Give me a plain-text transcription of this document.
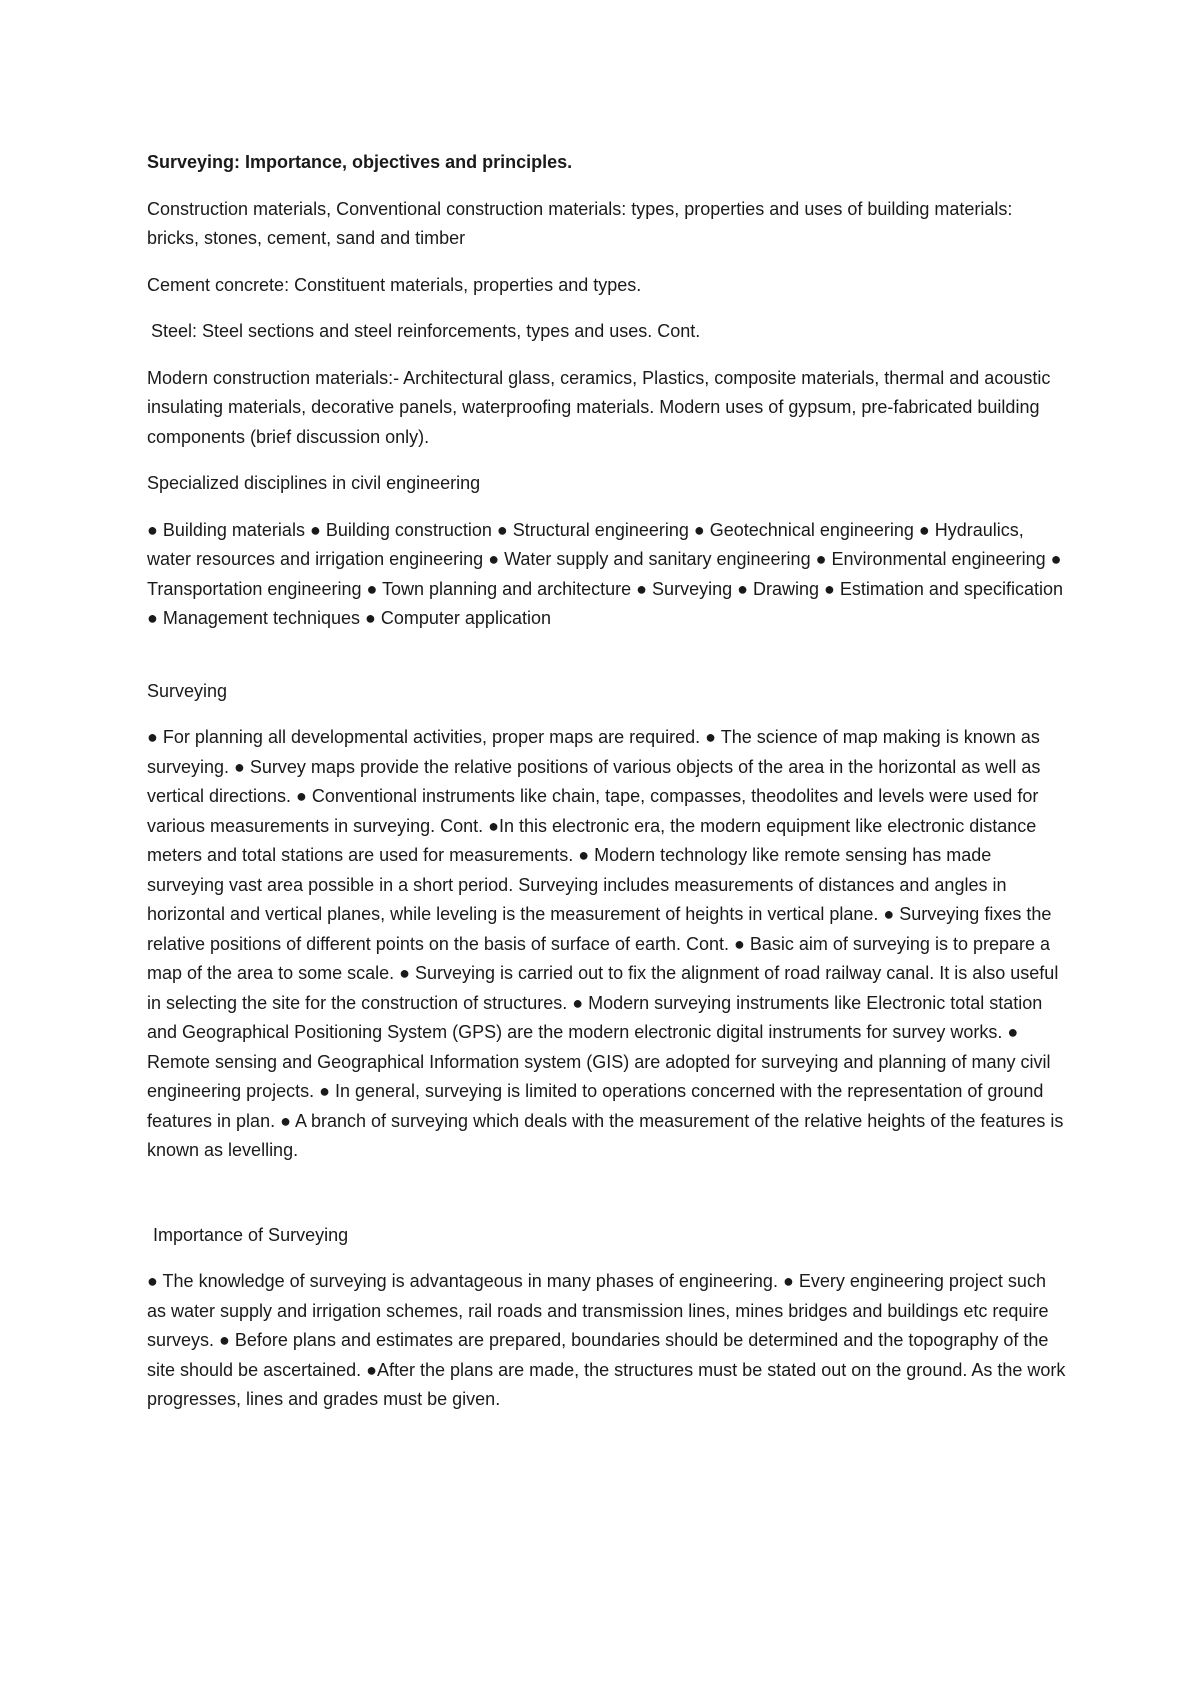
Surveying: Importance, objectives and principles.

Construction materials, Conventional construction materials: types, properties and uses of building materials: bricks, stones, cement, sand and timber

Cement concrete: Constituent materials, properties and types.

Steel: Steel sections and steel reinforcements, types and uses. Cont.

Modern construction materials:- Architectural glass, ceramics, Plastics, composite materials, thermal and acoustic insulating materials, decorative panels, waterproofing materials. Modern uses of gypsum, pre-fabricated building components (brief discussion only).

Specialized disciplines in civil engineering

● Building materials ● Building construction ● Structural engineering ● Geotechnical engineering ● Hydraulics, water resources and irrigation engineering ● Water supply and sanitary engineering ● Environmental engineering ● Transportation engineering ● Town planning and architecture ● Surveying ● Drawing ● Estimation and specification ● Management techniques ● Computer application

Surveying

● For planning all developmental activities, proper maps are required. ● The science of map making is known as surveying. ● Survey maps provide the relative positions of various objects of the area in the horizontal as well as vertical directions. ● Conventional instruments like chain, tape, compasses, theodolites and levels were used for various measurements in surveying. Cont. ●In this electronic era, the modern equipment like electronic distance meters and total stations are used for measurements. ● Modern technology like remote sensing has made surveying vast area possible in a short period. Surveying includes measurements of distances and angles in horizontal and vertical planes, while leveling is the measurement of heights in vertical plane. ● Surveying fixes the relative positions of different points on the basis of surface of earth. Cont. ● Basic aim of surveying is to prepare a map of the area to some scale. ● Surveying is carried out to fix the alignment of road railway canal. It is also useful in selecting the site for the construction of structures. ● Modern surveying instruments like Electronic total station and Geographical Positioning System (GPS) are the modern electronic digital instruments for survey works. ● Remote sensing and Geographical Information system (GIS) are adopted for surveying and planning of many civil engineering projects. ● In general, surveying is limited to operations concerned with the representation of ground features in plan. ● A branch of surveying which deals with the measurement of the relative heights of the features is known as levelling.

Importance of Surveying

● The knowledge of surveying is advantageous in many phases of engineering. ● Every engineering project such as water supply and irrigation schemes, rail roads and transmission lines, mines bridges and buildings etc require surveys. ● Before plans and estimates are prepared, boundaries should be determined and the topography of the site should be ascertained. ●After the plans are made, the structures must be stated out on the ground. As the work progresses, lines and grades must be given.
